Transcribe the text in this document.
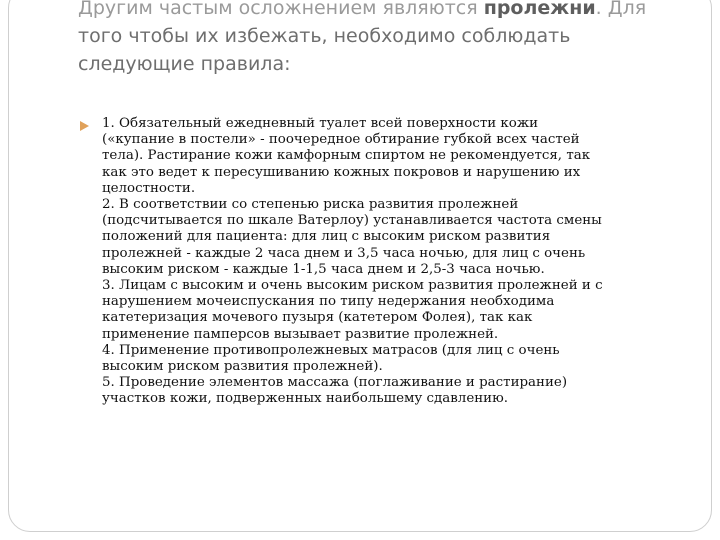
Другим частым осложнением являются пролежни. Для
того чтобы их избежать, необходимо соблюдать
следующие правила:
1. Обязательный ежедневный туалет всей поверхности кожи
(«купание в постели» - поочередное обтирание губкой всех частей
тела). Растирание кожи камфорным спиртом не рекомендуется, так
как это ведет к пересушиванию кожных покровов и нарушению их
целостности.
2. В соответствии со степенью риска развития пролежней
(подсчитывается по шкале Ватерлоу) устанавливается частота смены
положений для пациента: для лиц с высоким риском развития
пролежней - каждые 2 часа днем и 3,5 часа ночью, для лиц с очень
высоким риском - каждые 1-1,5 часа днем и 2,5-3 часа ночью.
3. Лицам с высоким и очень высоким риском развития пролежней и с
нарушением мочеиспускания по типу недержания необходима
катетеризация мочевого пузыря (катетером Фолея), так как
применение памперсов вызывает развитие пролежней.
4. Применение противопролежневых матрасов (для лиц с очень
высоким риском развития пролежней).
5. Проведение элементов массажа (поглаживание и растирание)
участков кожи, подверженных наибольшему сдавлению.
